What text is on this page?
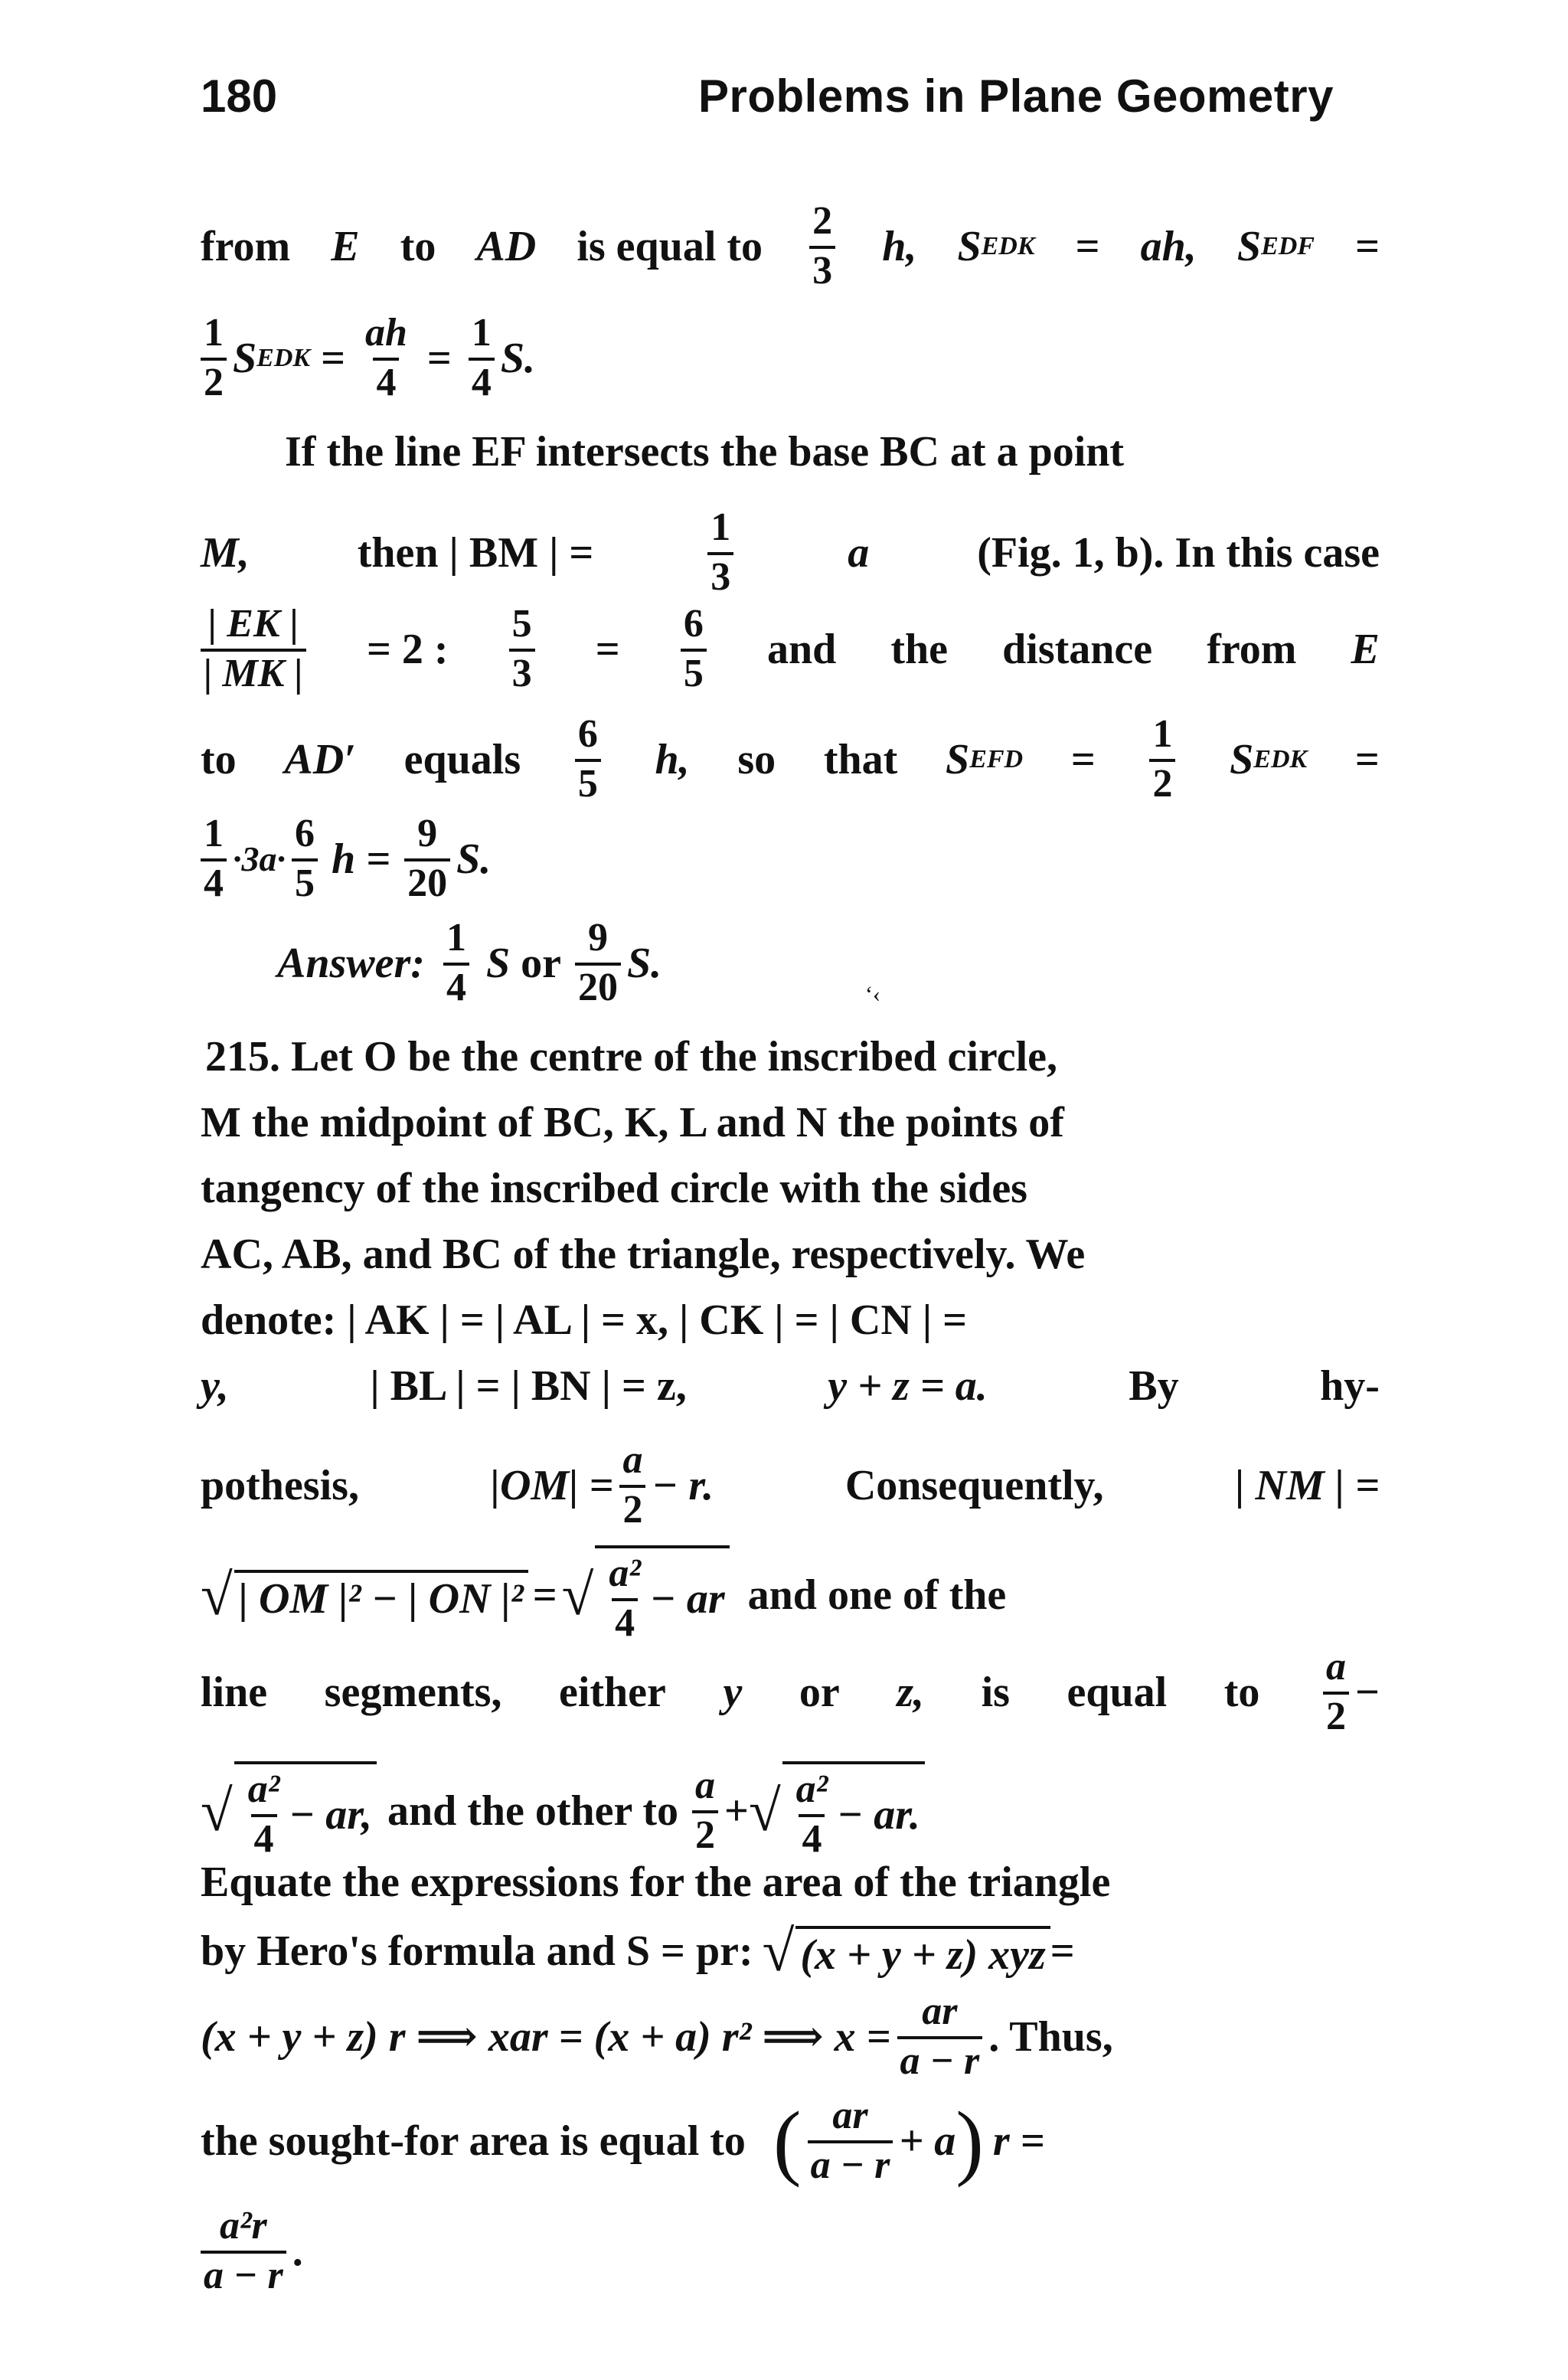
180	Problems in Plane Geometry
from E to AD is equal to $\frac{2}{3} h$, S EDK = ah, S EDF =
$\frac{1}{2}$ S EDK = $\frac{ah}{4} = \frac{1}{4} S$.
If the line EF intersects the base BC at a point
M,	then | BM | =	$\frac{1}{3}$	a	(Fig. 1, b). In this case
$\frac{| EK |}{| MK |} = 2$ : $\frac{5}{3} = \frac{6}{5}$ and the distance from E
to AD′ equals $\frac{6}{5} h$, so that S EFD = $\frac{1}{2}$ S EDK =
$\frac{1}{4} \cdot 3a\cdot \frac{6}{5}$ $h = \frac{9}{20} S$.
Answer: $\frac{1}{4}$ S or $\frac{9}{20} S$.
‘‹
215. Let O be the centre of the inscribed circle,
M the midpoint of BC, K, L and N the points of
tangency of the inscribed circle with the sides
AC, AB, and BC of the triangle, respectively. We
denote: | AK | = | AL | = x, | CK | = | CN | =
y,	| BL | = | BN | = z,	y + z = a.	By	hy-
pothesis,	$|OM| = \frac{a}{2} - r$.	Consequently,	| NM | =
√ | OM |² − | ON |² = √ $\frac{\text{a²}}{4}$ − ar and one of the
line segments, either y or z, is equal to $\frac{a}{2}$ −
√ $\frac{\text{a²}}{4}$ − ar, and the other to $\frac{a}{2}$ + √ $\frac{\text{a²}}{4}$ − ar.
Equate the expressions for the area of the triangle
by Hero's formula and S = pr: √ (x + y + z) xyz =
(x + y + z) r ⟹ xar = (x + a) r² ⟹ $x = \frac{ar}{a - r}$ . Thus,
the sought-for area is equal to ( $\frac{ar}{a - r} + a$ ) r =
$\frac{\text{a²r}}{a - r}$ .
